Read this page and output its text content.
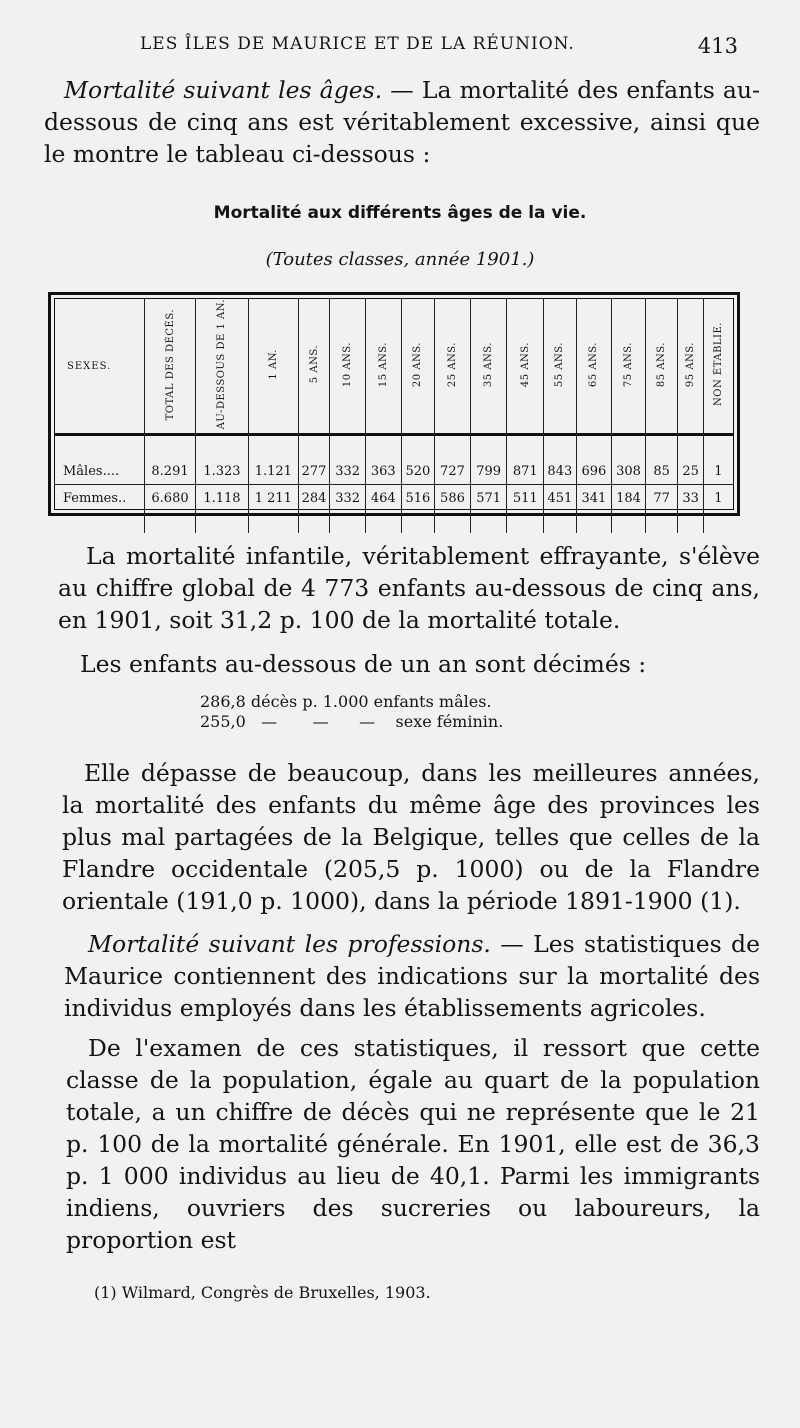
LES ÎLES DE MAURICE ET DE LA RÉUNION.	413
Mortalité suivant les âges. — La mortalité des enfants au-dessous de cinq ans est véritablement excessive, ainsi que le montre le tableau ci-dessous :
Mortalité aux différents âges de la vie.
(Toutes classes, année 1901.)
SEXES.	TOTAL DES DÉCÈS.	AU-DESSOUS DE 1 AN.	1 AN.	5 ANS.	10 ANS.	15 ANS.	20 ANS.	25 ANS.	35 ANS.	45 ANS.	55 ANS.	65 ANS.	75 ANS.	85 ANS.	95 ANS.	NON ÉTABLIE.

Mâles....	8.291	1.323	1.121	277	332	363	520	727	799	871	843	696	308	85	25	1
Femmes..	6.680	1.118	1 211	284	332	464	516	586	571	511	451	341	184	77	33	1

La mortalité infantile, véritablement effrayante, s'élève au chiffre global de 4 773 enfants au-dessous de cinq ans, en 1901, soit 31,2 p. 100 de la mortalité totale.
Les enfants au-dessous de un an sont décimés :
286,8 décès p. 1.000 enfants mâles.
255,0   —       —      —    sexe féminin.
Elle dépasse de beaucoup, dans les meilleures années, la mortalité des enfants du même âge des provinces les plus mal partagées de la Belgique, telles que celles de la Flandre occidentale (205,5 p. 1000) ou de la Flandre orientale (191,0 p. 1000), dans la période 1891-1900 (1).
Mortalité suivant les professions. — Les statistiques de Maurice contiennent des indications sur la mortalité des individus employés dans les établissements agricoles.
De l'examen de ces statistiques, il ressort que cette classe de la population, égale au quart de la population totale, a un chiffre de décès qui ne représente que le 21 p. 100 de la mortalité générale. En 1901, elle est de 36,3 p. 1 000 individus au lieu de 40,1. Parmi les immigrants indiens, ouvriers des sucreries ou laboureurs, la proportion est
(1) Wilmard, Congrès de Bruxelles, 1903.
